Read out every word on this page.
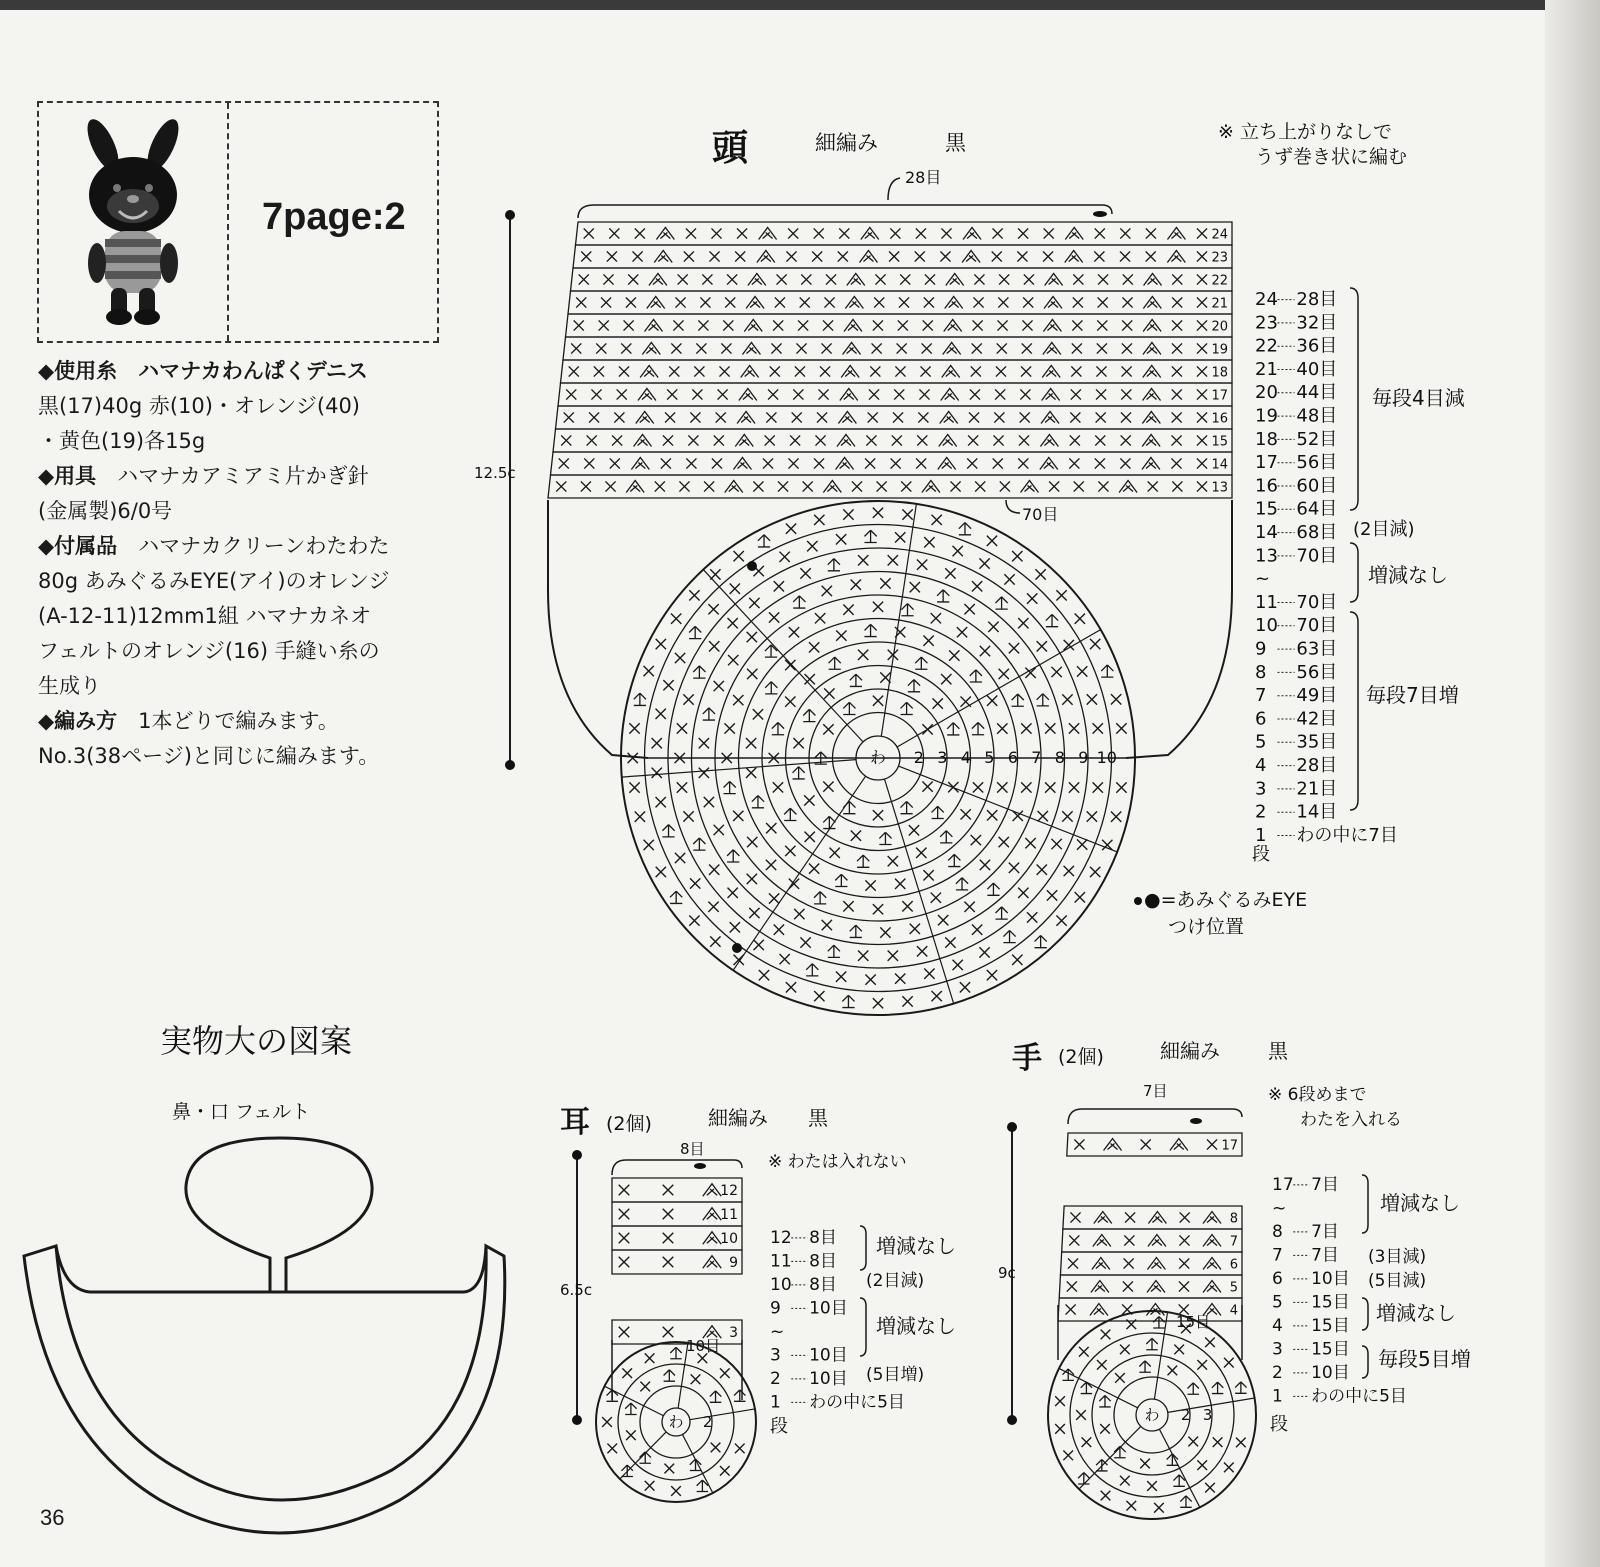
7page:2
◆使用糸　 ハマナカわんぱくデニス
黒(17)40g 赤(10)・オレンジ(40)
・黄色(19)各15g
◆用具　 ハマナカアミアミ片かぎ針
(金属製)6/0号
◆付属品　 ハマナカクリーンわたわた
80g あみぐるみEYE(アイ)のオレンジ
(A-12-11)12mm1組 ハマナカネオ
フェルトのオレンジ(16) 手縫い糸の
生成り
◆編み方　 1本どりで編みます。
No.3(38ページ)と同じに編みます。
頭	細編み	黒	※ 立ち上がりなしで
うず巻き状に編む
28目
70目
12.5c
24
23
22
21
20
19
18
17
16
15
14
13
わ 2 3 4 5 6 7 8 9 10
●=あみぐるみEYE
つけ位置
24 28目
23 32目
22 36目
21 40目
20 44目
19 48目
18 52目
17 56目
16 60目
15 64目
14 68目
13 70目
~
11 70目
10 70目
9 63目
8 56目
7 49目
6 42目
5 35目
4 28目
3 21目
2 14目
1 わの中に7目
毎段4目減
(2目減)
増減なし
毎段7目増
段
実物大の図案
鼻・口 フェルト	耳 (2個)	細編み 黒
※ わたは入れない
8目
10目
6.5c
12
11
10
9
3
わ 2
12 8目
11 8目
10 8目
9 10目
~
3 10目
2 10目
1 わの中に5目
増減なし
(2目減)
増減なし
(5目増)
段
手 (2個)	細編み 黒
※ 6段めまで
わたを入れる
7目
15目
9c
17
8
7
6
5
4
わ 2 3
17 7目
~
8 7目
7 7目
6 10目
5 15目
4 15目
3 15目
2 10目
1 わの中に5目
増減なし
(3目減)
(5目減)
増減なし
毎段5目増
段
36
